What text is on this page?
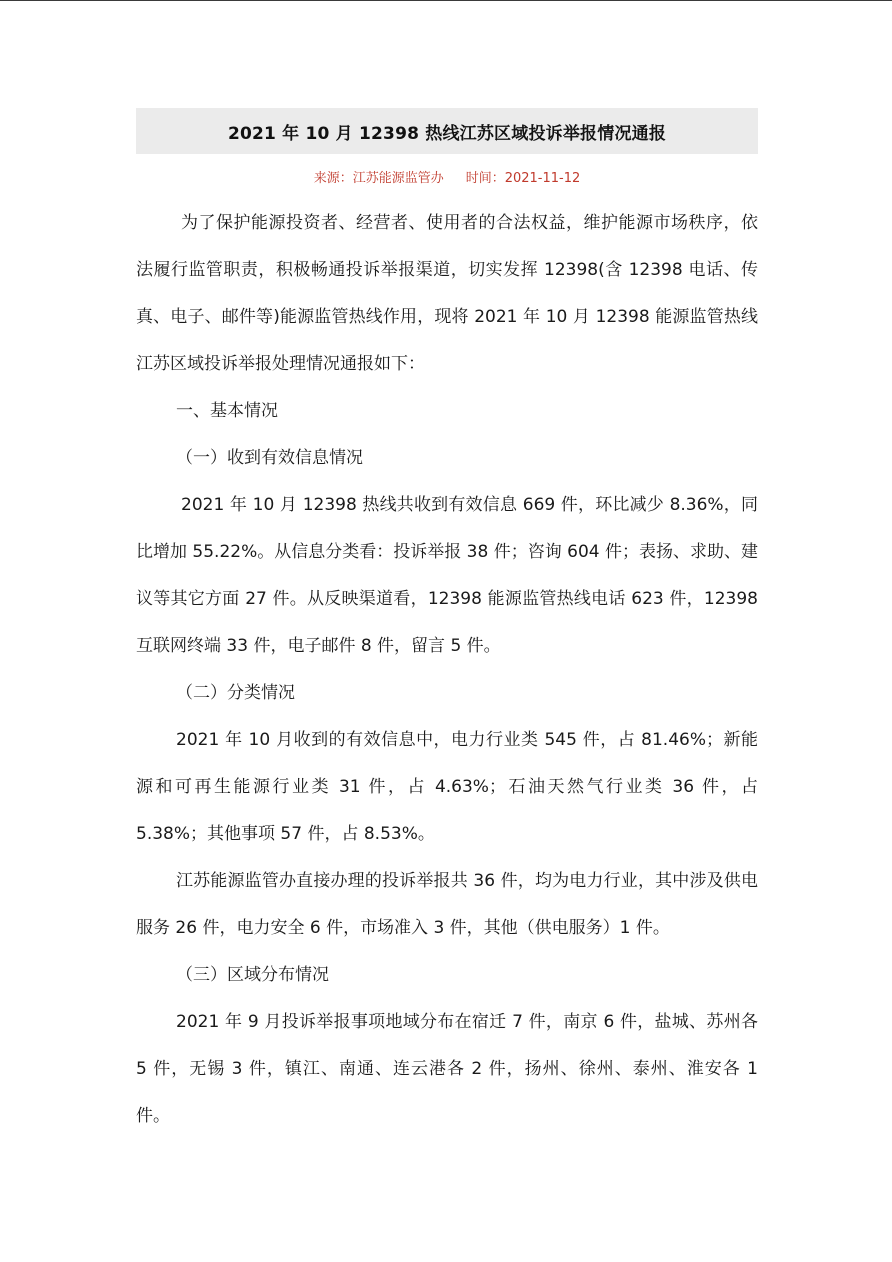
2021 年 10 月 12398 热线江苏区域投诉举报情况通报
来源：江苏能源监管办 时间：2021-11-12

为了保护能源投资者、经营者、使用者的合法权益，维护能源市场秩序，依法履行监管职责，积极畅通投诉举报渠道，切实发挥 12398(含 12398 电话、传真、电子、邮件等)能源监管热线作用，现将 2021 年 10 月 12398 能源监管热线江苏区域投诉举报处理情况通报如下：

一、基本情况

（一）收到有效信息情况

2021 年 10 月 12398 热线共收到有效信息 669 件，环比减少 8.36%，同比增加 55.22%。从信息分类看：投诉举报 38 件；咨询 604 件；表扬、求助、建议等其它方面 27 件。从反映渠道看，12398 能源监管热线电话 623 件，12398 互联网终端 33 件，电子邮件 8 件，留言 5 件。

（二）分类情况

2021 年 10 月收到的有效信息中，电力行业类 545 件，占 81.46%；新能源和可再生能源行业类 31 件，占 4.63%；石油天然气行业类 36 件，占 5.38%；其他事项 57 件，占 8.53%。

江苏能源监管办直接办理的投诉举报共 36 件，均为电力行业，其中涉及供电服务 26 件，电力安全 6 件，市场准入 3 件，其他（供电服务）1 件。

（三）区域分布情况

2021 年 9 月投诉举报事项地域分布在宿迁 7 件，南京 6 件，盐城、苏州各 5 件，无锡 3 件，镇江、南通、连云港各 2 件，扬州、徐州、泰州、淮安各 1 件。
